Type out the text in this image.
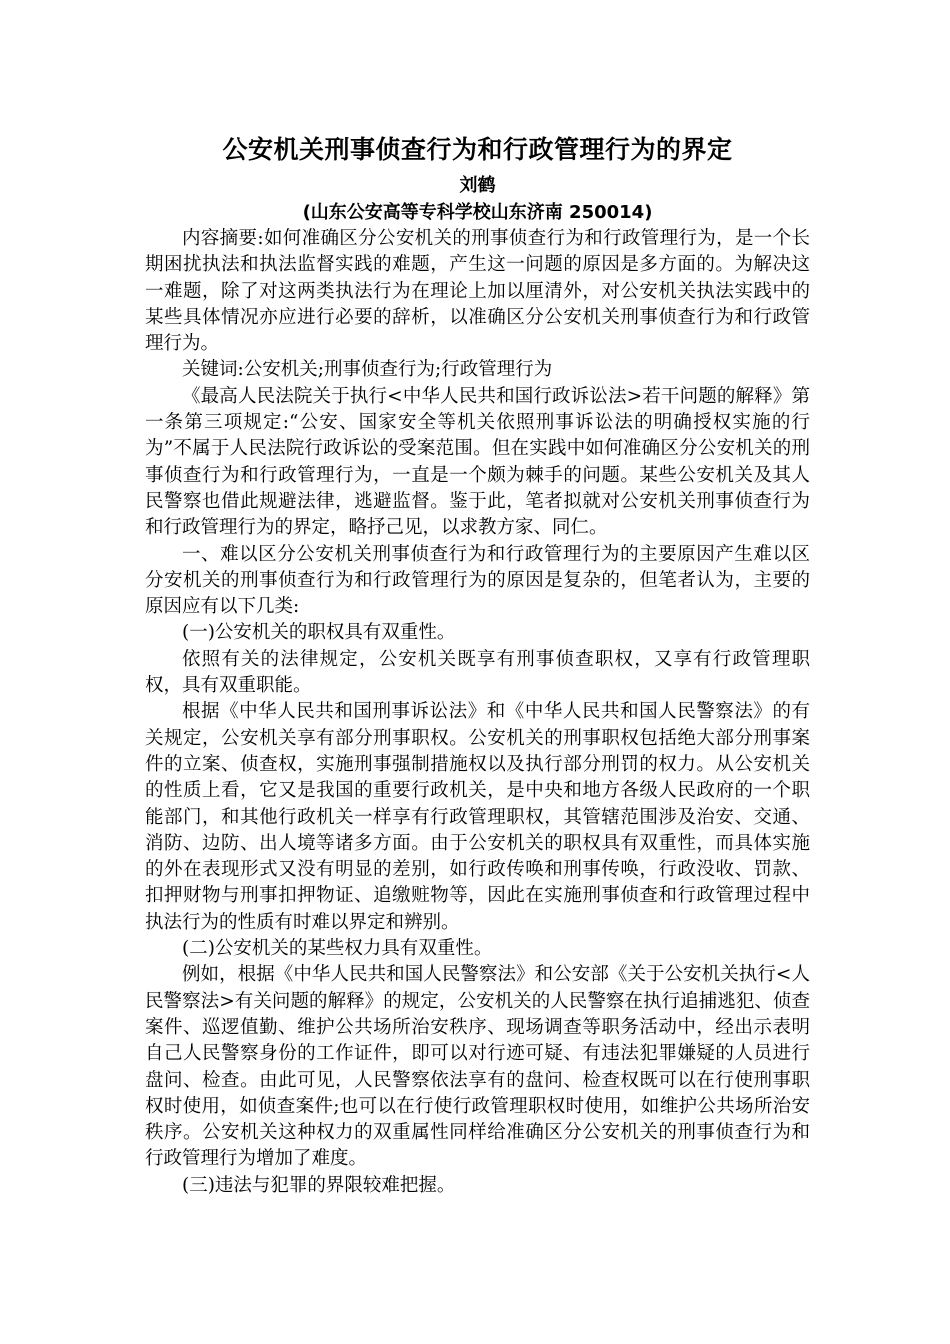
公安机关刑事侦查行为和行政管理行为的界定
刘鹤
(山东公安高等专科学校山东济南 250014)

内容摘要:如何准确区分公安机关的刑事侦查行为和行政管理行为，是一个长期困扰执法和执法监督实践的难题，产生这一问题的原因是多方面的。为解决这一难题，除了对这两类执法行为在理论上加以厘清外，对公安机关执法实践中的某些具体情况亦应进行必要的辞析，以准确区分公安机关刑事侦查行为和行政管理行为。

关键词:公安机关;刑事侦查行为;行政管理行为

《最高人民法院关于执行<中华人民共和国行政诉讼法>若干问题的解释》第一条第三项规定:“公安、国家安全等机关依照刑事诉讼法的明确授权实施的行为”不属于人民法院行政诉讼的受案范围。但在实践中如何准确区分公安机关的刑事侦查行为和行政管理行为，一直是一个颇为棘手的问题。某些公安机关及其人民警察也借此规避法律，逃避监督。鉴于此，笔者拟就对公安机关刑事侦查行为和行政管理行为的界定，略抒己见，以求教方家、同仁。

一、难以区分公安机关刑事侦查行为和行政管理行为的主要原因产生难以区分安机关的刑事侦查行为和行政管理行为的原因是复杂的，但笔者认为，主要的原因应有以下几类:

(一)公安机关的职权具有双重性。

依照有关的法律规定，公安机关既享有刑事侦查职权，又享有行政管理职权，具有双重职能。

根据《中华人民共和国刑事诉讼法》和《中华人民共和国人民警察法》的有关规定，公安机关享有部分刑事职权。公安机关的刑事职权包括绝大部分刑事案件的立案、侦查权，实施刑事强制措施权以及执行部分刑罚的权力。从公安机关的性质上看，它又是我国的重要行政机关，是中央和地方各级人民政府的一个职能部门，和其他行政机关一样享有行政管理职权，其管辖范围涉及治安、交通、消防、边防、出人境等诸多方面。由于公安机关的职权具有双重性，而具体实施的外在表现形式又没有明显的差别，如行政传唤和刑事传唤，行政没收、罚款、扣押财物与刑事扣押物证、追缴赃物等，因此在实施刑事侦查和行政管理过程中执法行为的性质有时难以界定和辨别。

(二)公安机关的某些权力具有双重性。

例如，根据《中华人民共和国人民警察法》和公安部《关于公安机关执行<人民警察法>有关问题的解释》的规定，公安机关的人民警察在执行追捕逃犯、侦查案件、巡逻值勤、维护公共场所治安秩序、现场调查等职务活动中，经出示表明自己人民警察身份的工作证件，即可以对行迹可疑、有违法犯罪嫌疑的人员进行盘问、检查。由此可见，人民警察依法享有的盘问、检查权既可以在行使刑事职权时使用，如侦查案件;也可以在行使行政管理职权时使用，如维护公共场所治安秩序。公安机关这种权力的双重属性同样给准确区分公安机关的刑事侦查行为和行政管理行为增加了难度。

(三)违法与犯罪的界限较难把握。
